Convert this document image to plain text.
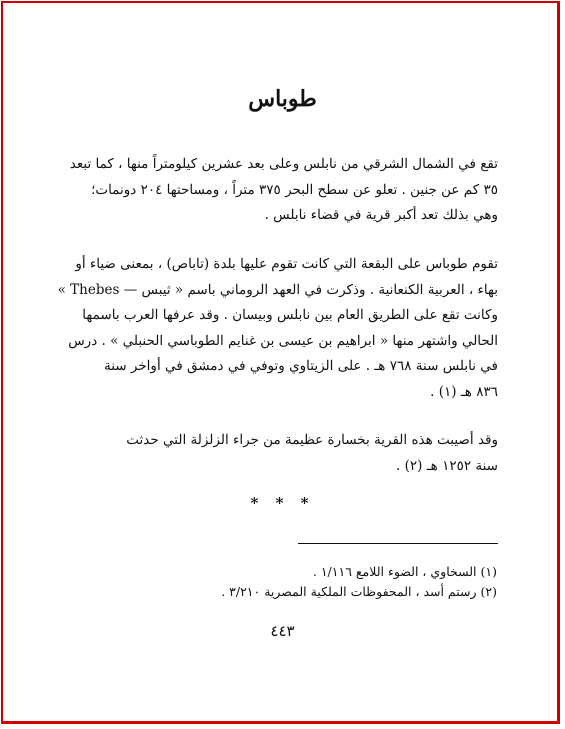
طوباس
تقع في الشمال الشرقي من نابلس وعلى بعد عشرين كيلومتراً منها ، كما تبعد
٣٥ كم عن جنين . تعلو عن سطح البحر ٣٧٥ متراً ، ومساحتها ٢٠٤ دونمات؛
وهي بذلك تعد أكبر قرية في قضاء نابلس .
تقوم طوباس على البقعة التي كانت تقوم عليها بلدة (تاباص) ، بمعنى ضياء أو
بهاء ، العربية الكنعانية . وذكرت في العهد الروماني باسم « ثيبس — Thebes »
وكانت تقع على الطريق العام بين نابلس وبيسان . وقد عرفها العرب باسمها
الحالي واشتهر منها « ابراهيم بن عيسى بن غنايم الطوباسي الحنبلي » . درس
في نابلس سنة ٧٦٨ هـ . على الزيتاوي وتوفي في دمشق في أواخر سنة
٨٣٦ هـ (١) .
وقد أصيبت هذه القرية بخسارة عظيمة من جراء الزلزلة التي حدثت
سنة ١٢٥٢ هـ (٢) .
* * *
(١) السخاوي ، الضوء اللامع ١/١١٦ .
(٢) رستم أسد ، المحفوظات الملكية المصرية ٣/٢١٠ .
٤٤٣
